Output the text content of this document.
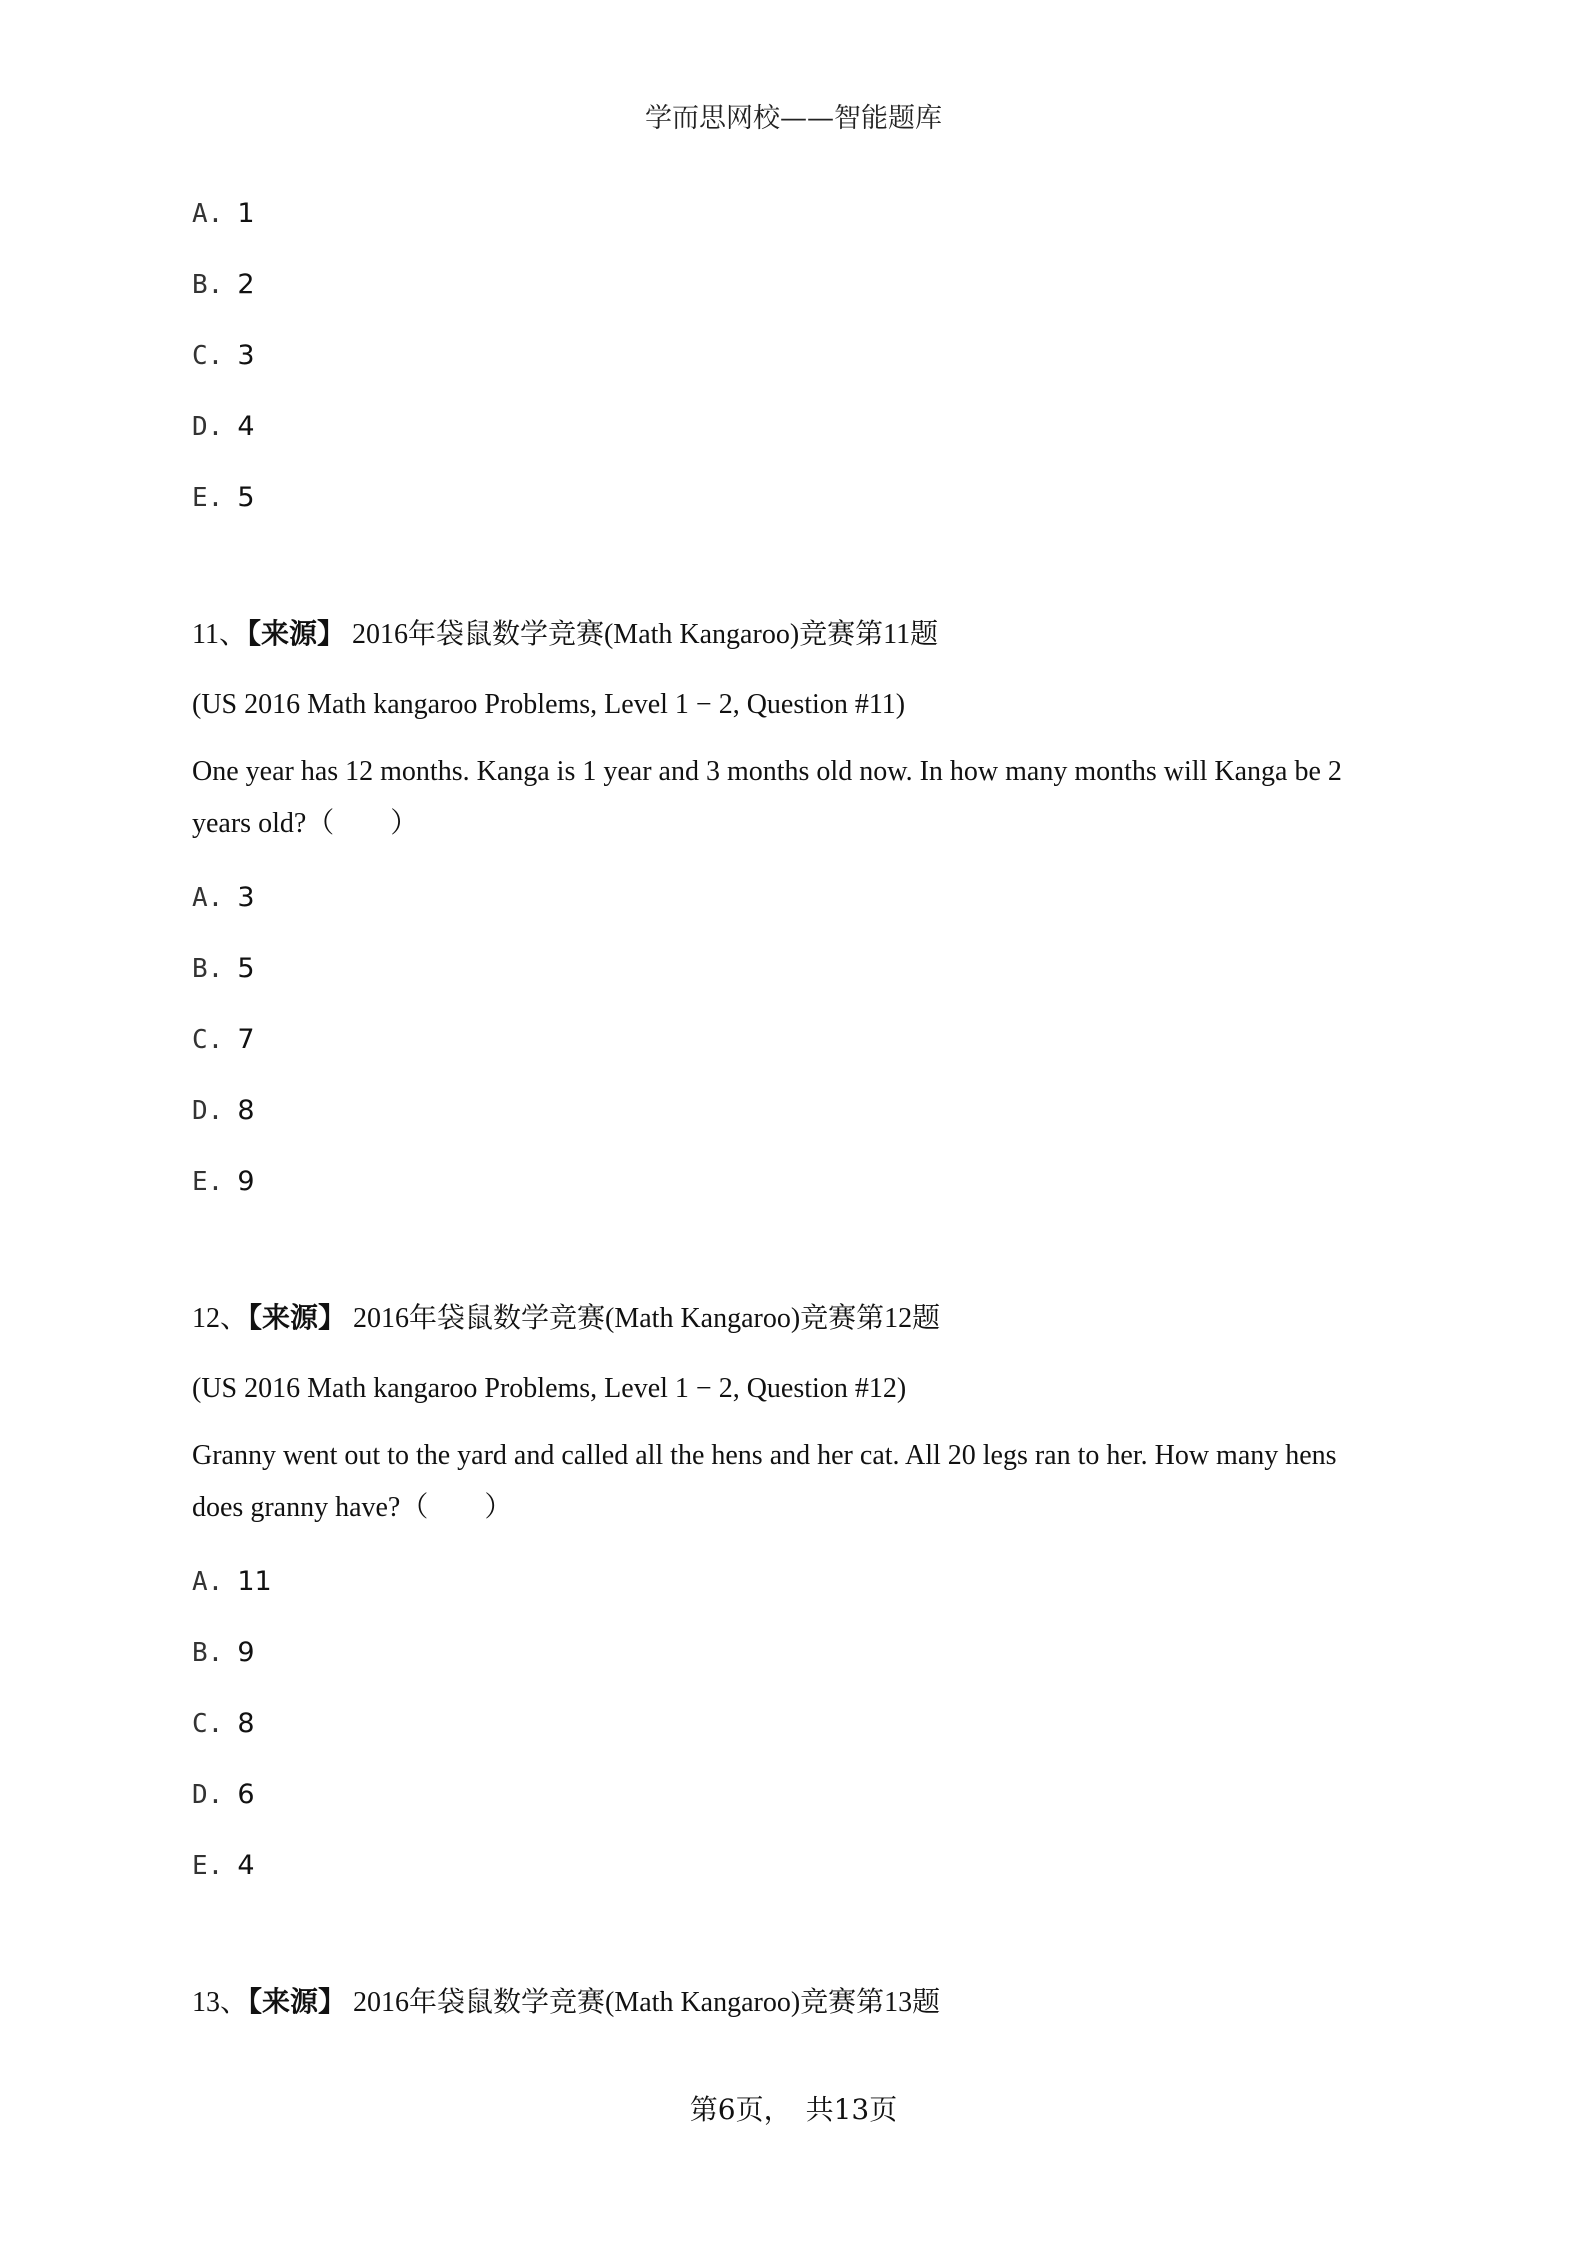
学而思网校——智能题库
A. 1
B. 2
C. 3
D. 4
E. 5
11、【来源】 2016年袋鼠数学竞赛(Math Kangaroo)竞赛第11题
(US 2016 Math kangaroo Problems, Level 1 − 2, Question #11)
One year has 12 months. Kanga is 1 year and 3 months old now. In how many months will Kanga be 2 years old?（　　）
A. 3
B. 5
C. 7
D. 8
E. 9
12、【来源】 2016年袋鼠数学竞赛(Math Kangaroo)竞赛第12题
(US 2016 Math kangaroo Problems, Level 1 − 2, Question #12)
Granny went out to the yard and called all the hens and her cat. All 20 legs ran to her. How many hens does granny have?（　　）
A. 11
B. 9
C. 8
D. 6
E. 4
13、【来源】 2016年袋鼠数学竞赛(Math Kangaroo)竞赛第13题
第6页，　共13页
